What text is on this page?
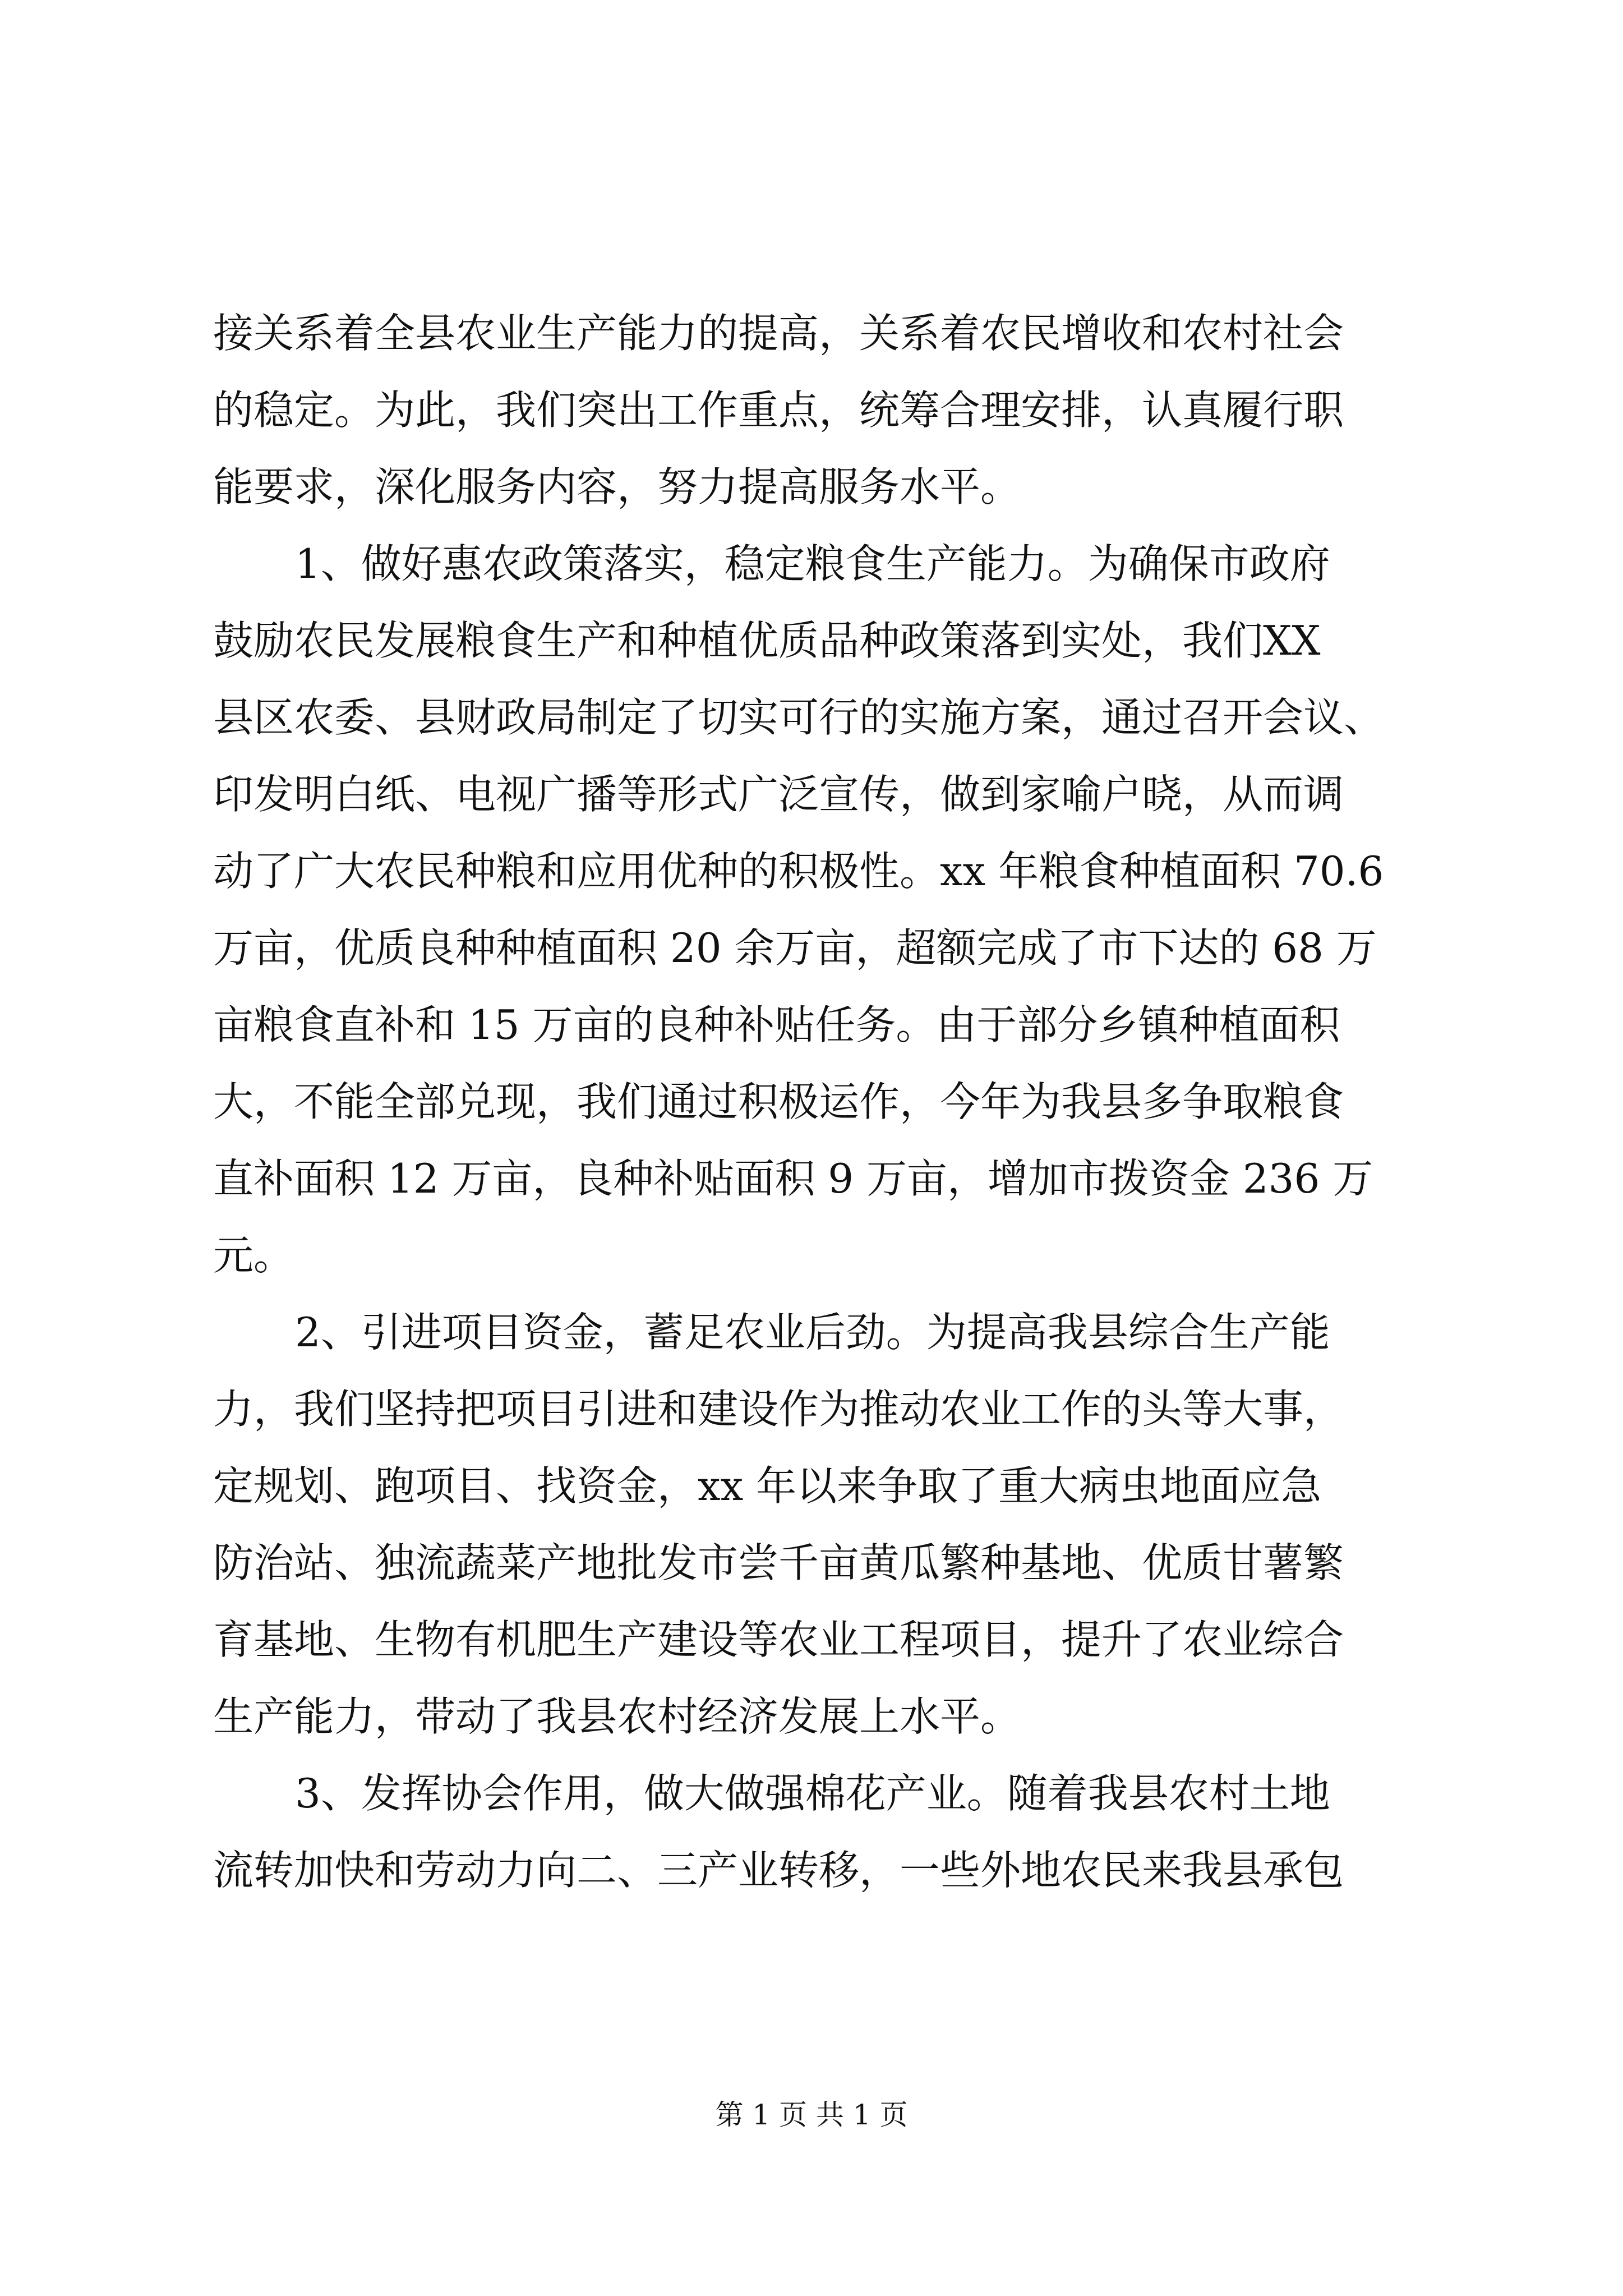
接关系着全县农业生产能力的提高，关系着农民增收和农村社会
的稳定。为此，我们突出工作重点，统筹合理安排，认真履行职
能要求，深化服务内容，努力提高服务水平。
1、做好惠农政策落实，稳定粮食生产能力。为确保市政府
鼓励农民发展粮食生产和种植优质品种政策落到实处，我们XX
县区农委、县财政局制定了切实可行的实施方案，通过召开会议、
印发明白纸、电视广播等形式广泛宣传，做到家喻户晓，从而调
动了广大农民种粮和应用优种的积极性。xx 年粮食种植面积 70.6
万亩，优质良种种植面积 20 余万亩，超额完成了市下达的 68 万
亩粮食直补和 15 万亩的良种补贴任务。由于部分乡镇种植面积
大，不能全部兑现，我们通过积极运作，今年为我县多争取粮食
直补面积 12 万亩，良种补贴面积 9 万亩，增加市拨资金 236 万
元。
2、引进项目资金，蓄足农业后劲。为提高我县综合生产能
力，我们坚持把项目引进和建设作为推动农业工作的头等大事，
定规划、跑项目、找资金，xx 年以来争取了重大病虫地面应急
防治站、独流蔬菜产地批发市尝千亩黄瓜繁种基地、优质甘薯繁
育基地、生物有机肥生产建设等农业工程项目，提升了农业综合
生产能力，带动了我县农村经济发展上水平。
3、发挥协会作用，做大做强棉花产业。随着我县农村土地
流转加快和劳动力向二、三产业转移，一些外地农民来我县承包
第 1 页 共 1 页
